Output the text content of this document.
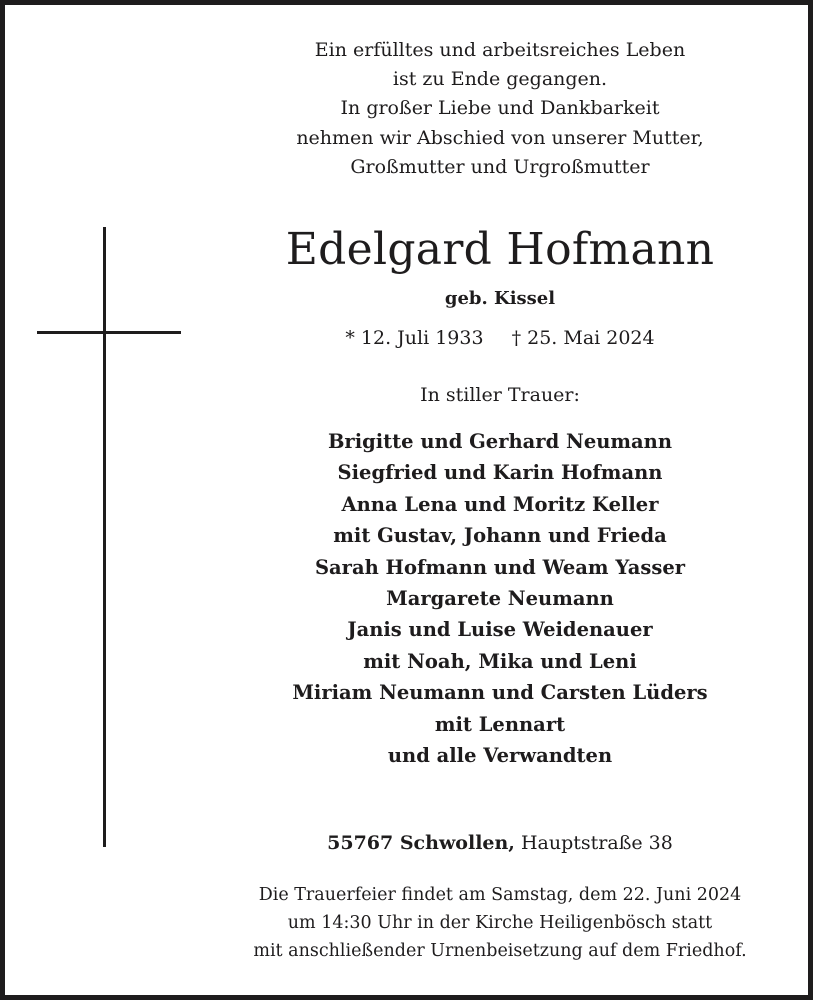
Ein erfülltes und arbeitsreiches Leben
ist zu Ende gegangen.
In großer Liebe und Dankbarkeit
nehmen wir Abschied von unserer Mutter,
Großmutter und Urgroßmutter
Edelgard Hofmann
geb. Kissel
* 12. Juli 1933 † 25. Mai 2024
In stiller Trauer:
Brigitte und Gerhard Neumann
Siegfried und Karin Hofmann
Anna Lena und Moritz Keller
mit Gustav, Johann und Frieda
Sarah Hofmann und Weam Yasser
Margarete Neumann
Janis und Luise Weidenauer
mit Noah, Mika und Leni
Miriam Neumann und Carsten Lüders
mit Lennart
und alle Verwandten
55767 Schwollen, Hauptstraße 38
Die Trauerfeier findet am Samstag, dem 22. Juni 2024
um 14:30 Uhr in der Kirche Heiligenbösch statt
mit anschließender Urnenbeisetzung auf dem Friedhof.
